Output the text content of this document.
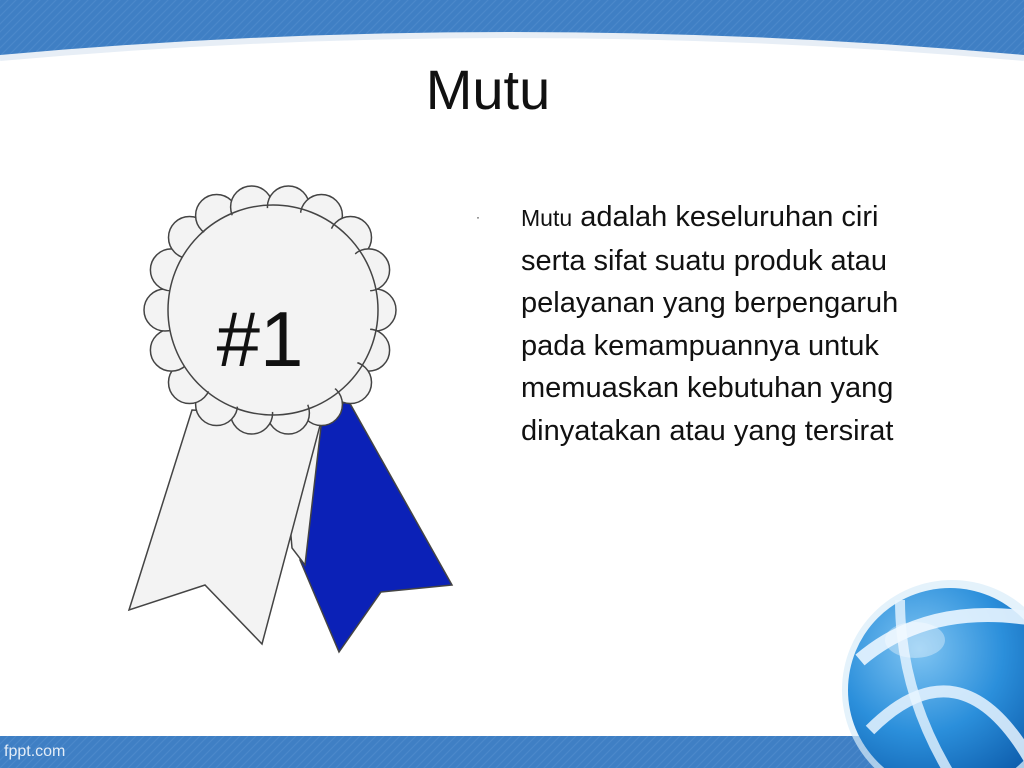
Mutu
#1
· Mutu adalah keseluruhan ciri serta sifat suatu produk atau pelayanan yang berpengaruh pada kemampuannya untuk memuaskan kebutuhan yang dinyatakan atau yang tersirat
fppt.com
